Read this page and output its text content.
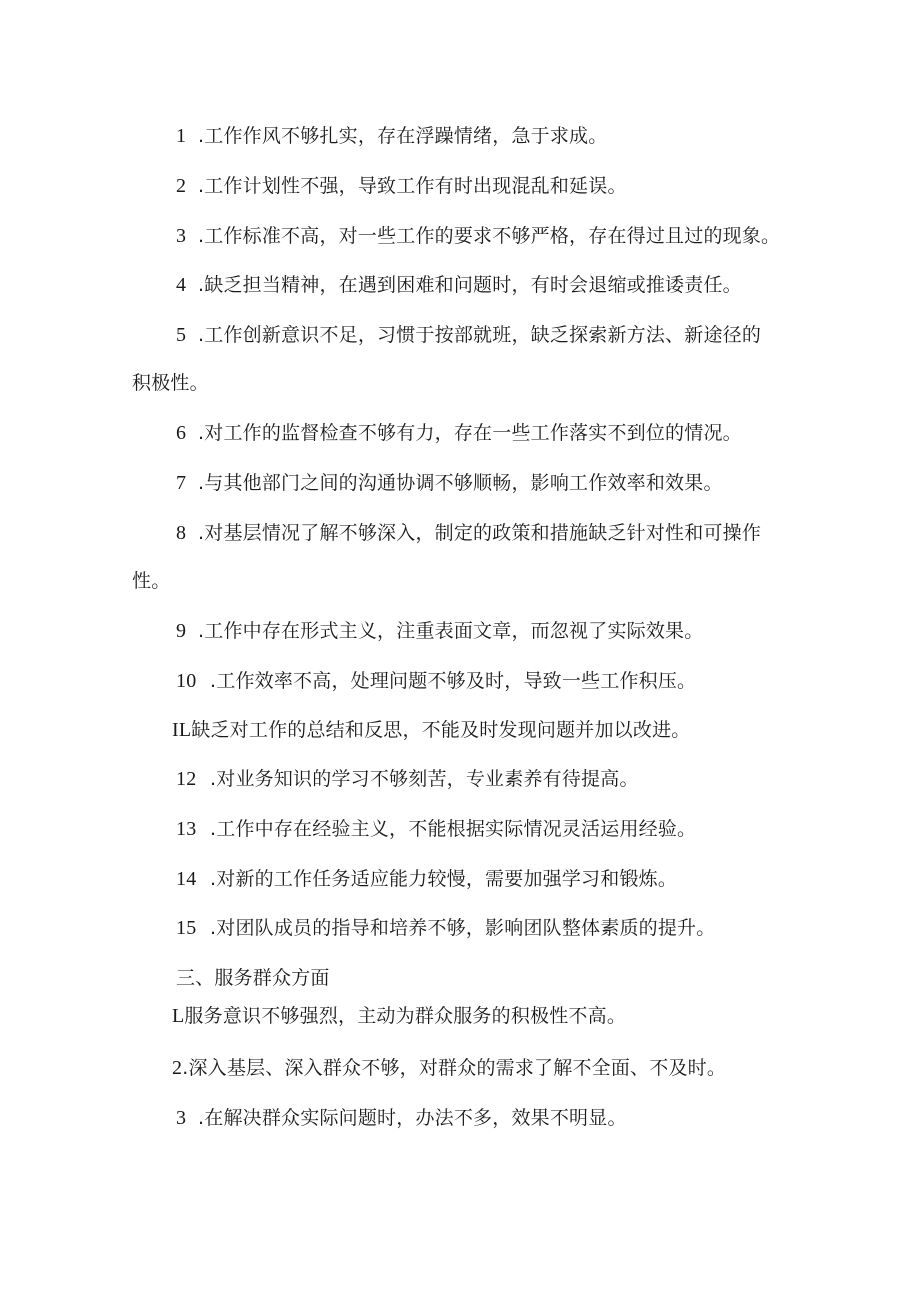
1 .工作作风不够扎实，存在浮躁情绪，急于求成。

2 .工作计划性不强，导致工作有时出现混乱和延误。

3 .工作标准不高，对一些工作的要求不够严格，存在得过且过的现象。

4 .缺乏担当精神，在遇到困难和问题时，有时会退缩或推诿责任。

5 .工作创新意识不足，习惯于按部就班，缺乏探索新方法、新途径的

积极性。

6 .对工作的监督检查不够有力，存在一些工作落实不到位的情况。

7 .与其他部门之间的沟通协调不够顺畅，影响工作效率和效果。

8 .对基层情况了解不够深入，制定的政策和措施缺乏针对性和可操作

性。

9 .工作中存在形式主义，注重表面文章，而忽视了实际效果。

10 .工作效率不高，处理问题不够及时，导致一些工作积压。

IL缺乏对工作的总结和反思，不能及时发现问题并加以改进。

12 .对业务知识的学习不够刻苦，专业素养有待提高。

13 .工作中存在经验主义，不能根据实际情况灵活运用经验。

14 .对新的工作任务适应能力较慢，需要加强学习和锻炼。

15 .对团队成员的指导和培养不够，影响团队整体素质的提升。

三、服务群众方面

L服务意识不够强烈，主动为群众服务的积极性不高。

2.深入基层、深入群众不够，对群众的需求了解不全面、不及时。

3 .在解决群众实际问题时，办法不多，效果不明显。
